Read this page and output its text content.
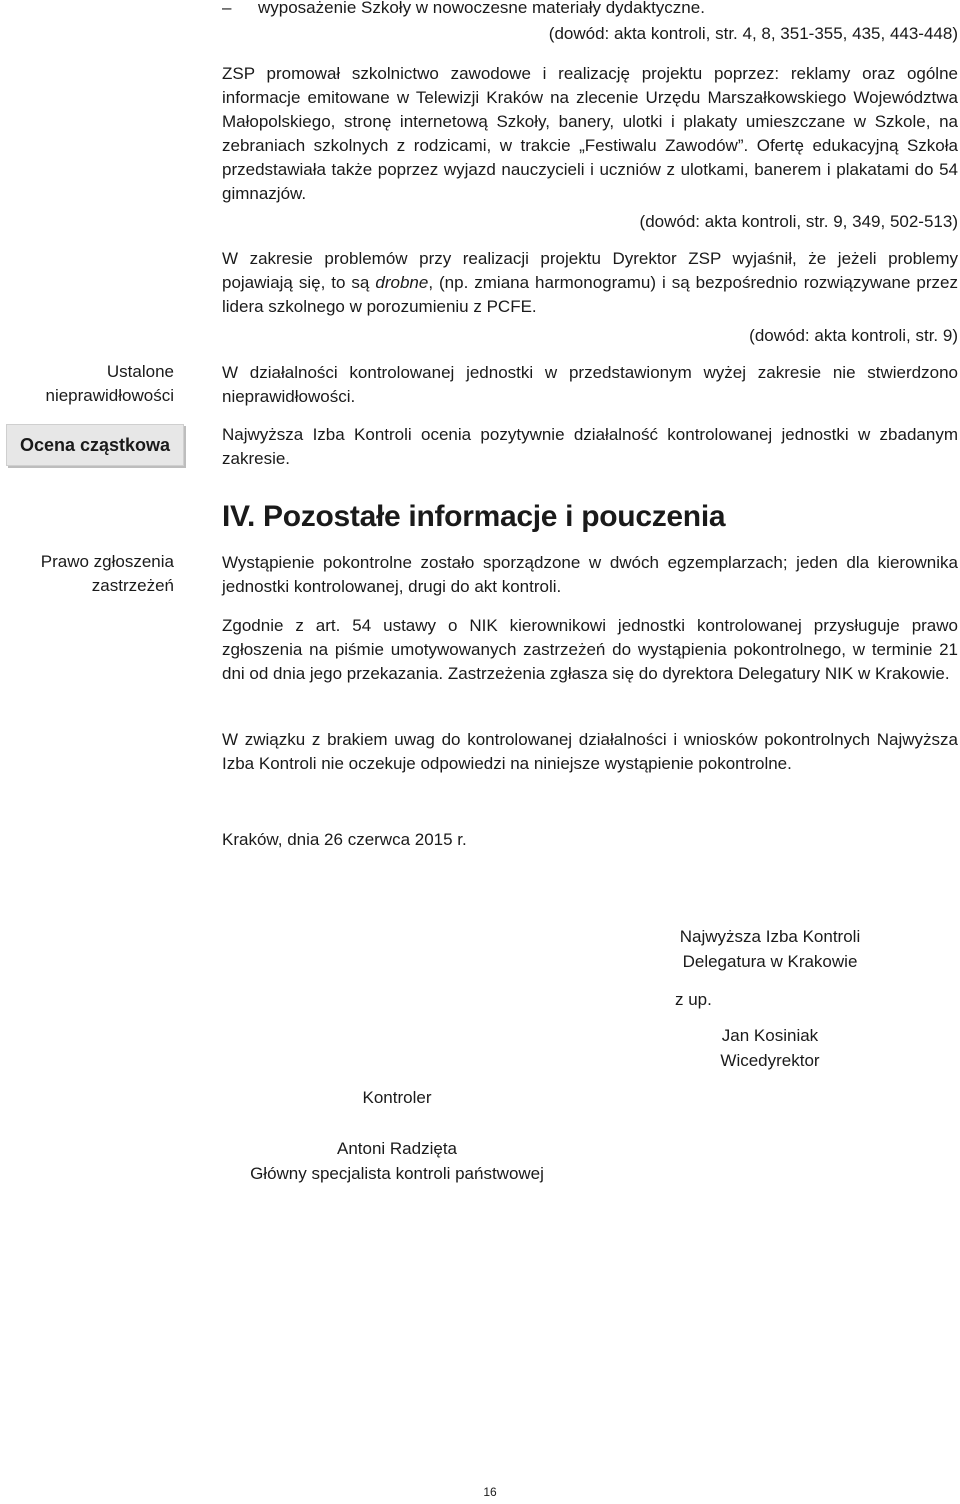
–	wyposażenie Szkoły w nowoczesne materiały dydaktyczne.
(dowód: akta kontroli, str. 4, 8, 351-355, 435, 443-448)
ZSP promował szkolnictwo zawodowe i realizację projektu poprzez: reklamy oraz ogólne informacje emitowane w Telewizji Kraków na zlecenie Urzędu Marszałkowskiego Województwa Małopolskiego, stronę internetową Szkoły, banery, ulotki i plakaty umieszczane w Szkole, na zebraniach szkolnych z rodzicami, w trakcie „Festiwalu Zawodów”. Ofertę edukacyjną Szkoła przedstawiała także poprzez wyjazd nauczycieli i uczniów z ulotkami, banerem i plakatami do 54 gimnazjów.
(dowód: akta kontroli, str. 9, 349, 502-513)
W zakresie problemów przy realizacji projektu Dyrektor ZSP wyjaśnił, że jeżeli problemy pojawiają się, to są drobne, (np. zmiana harmonogramu) i są bezpośrednio rozwiązywane przez lidera szkolnego w porozumieniu z PCFE.
(dowód: akta kontroli, str. 9)
Ustalone nieprawidłowości
W działalności kontrolowanej jednostki w przedstawionym wyżej zakresie nie stwierdzono nieprawidłowości.
Ocena cząstkowa
Najwyższa Izba Kontroli ocenia pozytywnie działalność kontrolowanej jednostki w zbadanym zakresie.
IV. Pozostałe informacje i pouczenia
Prawo zgłoszenia zastrzeżeń
Wystąpienie pokontrolne zostało sporządzone w dwóch egzemplarzach; jeden dla kierownika jednostki kontrolowanej, drugi do akt kontroli.
Zgodnie z art. 54 ustawy o NIK kierownikowi jednostki kontrolowanej przysługuje prawo zgłoszenia na piśmie umotywowanych zastrzeżeń do wystąpienia pokontrolnego, w terminie 21 dni od dnia jego przekazania. Zastrzeżenia zgłasza się do dyrektora Delegatury NIK w Krakowie.
W związku z brakiem uwag do kontrolowanej działalności i wniosków pokontrolnych Najwyższa Izba Kontroli nie oczekuje odpowiedzi na niniejsze wystąpienie pokontrolne.
Kraków, dnia 26 czerwca 2015 r.
Najwyższa Izba Kontroli
Delegatura w Krakowie
z up.
Jan Kosiniak
Wicedyrektor
Kontroler
Antoni Radzięta
Główny specjalista kontroli państwowej
16
